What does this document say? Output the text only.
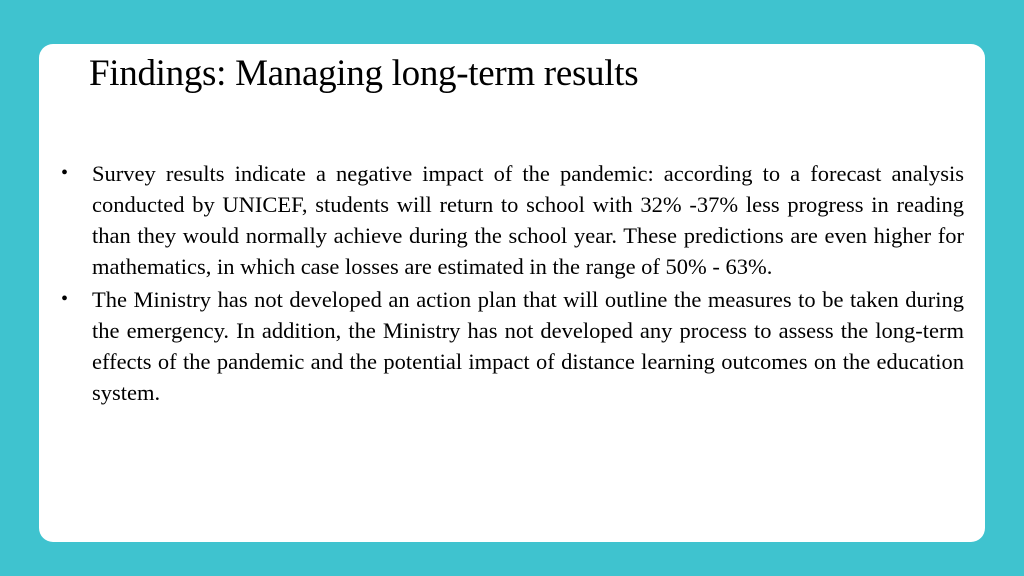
Findings: Managing long-term results
• Survey results indicate a negative impact of the pandemic: according to a forecast analysis conducted by UNICEF, students will return to school with 32% -37% less progress in reading than they would normally achieve during the school year. These predictions are even higher for mathematics, in which case losses are estimated in the range of 50% - 63%.
• The Ministry has not developed an action plan that will outline the measures to be taken during the emergency. In addition, the Ministry has not developed any process to assess the long-term effects of the pandemic and the potential impact of distance learning outcomes on the education system.
